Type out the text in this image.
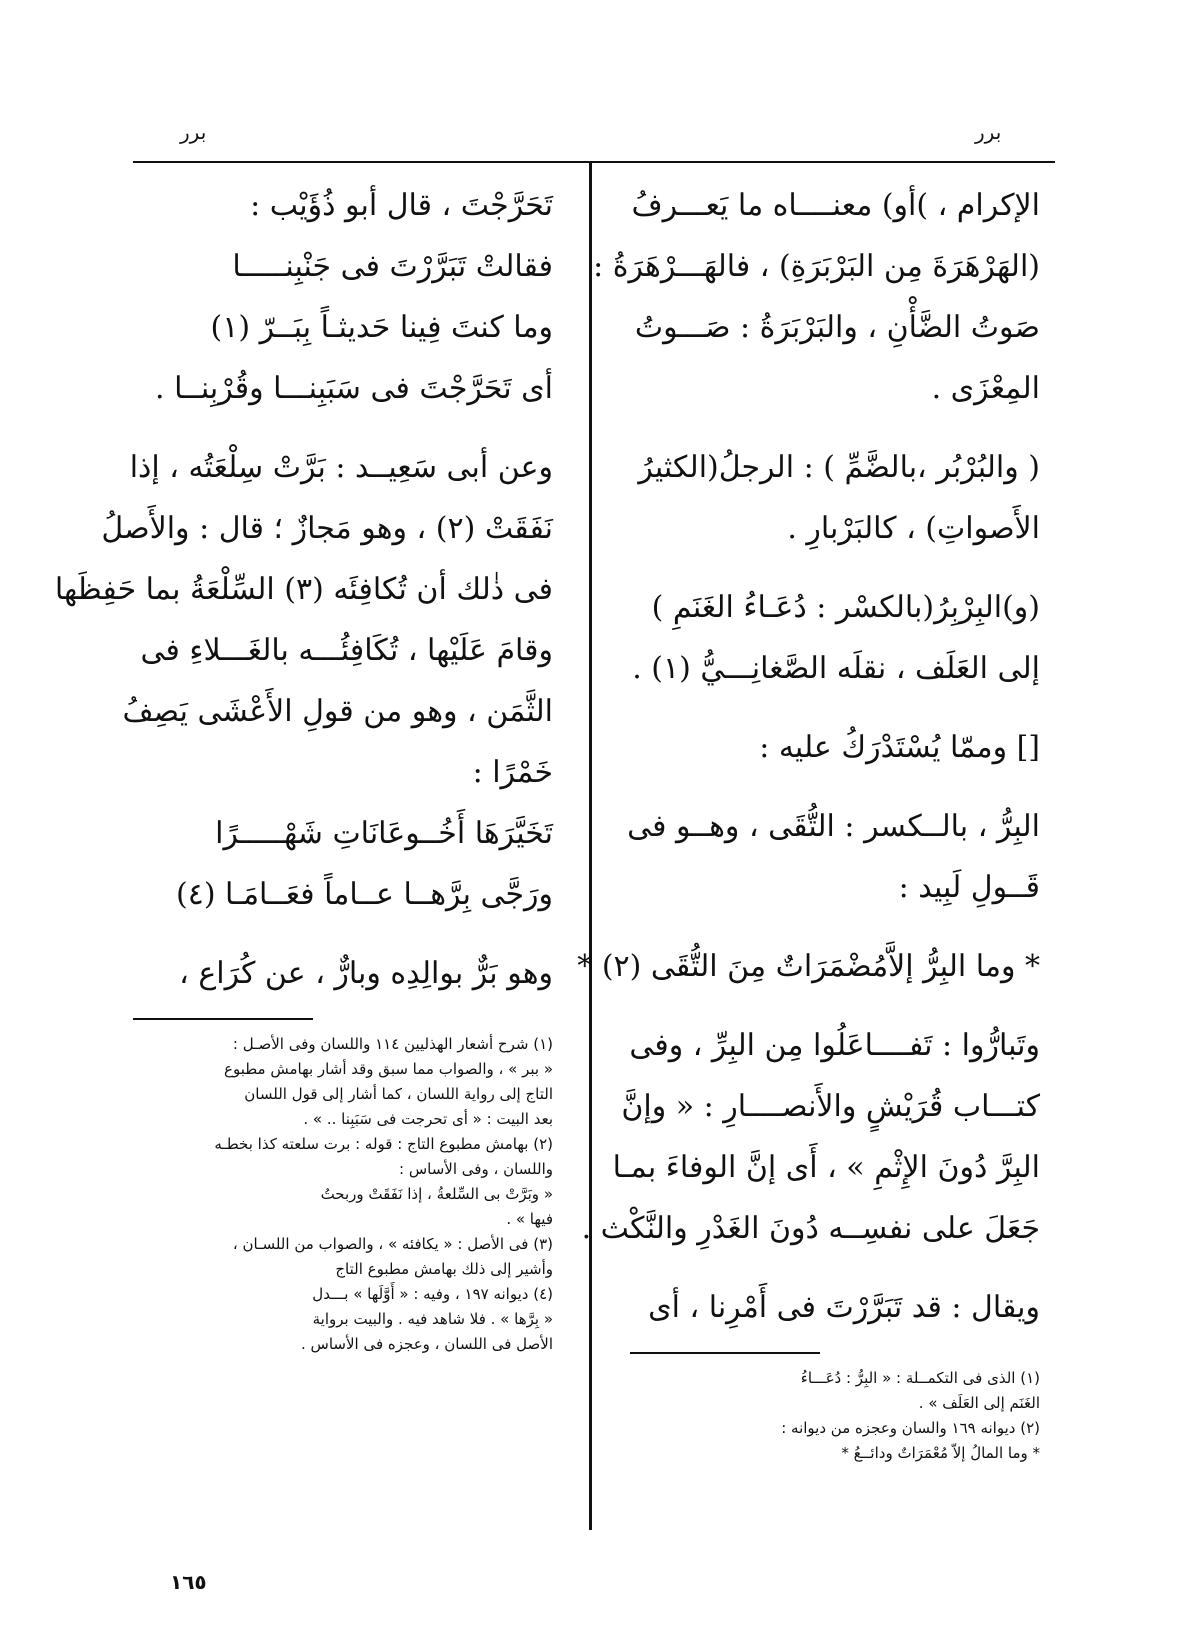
برر	برر
الإكرام ، )أو) معنــــاه ما يَعـــرفُ
(الهَرْهَرَةَ مِن البَرْبَرَةِ) ، فالهَـــرْهَرَةُ :
صَوتُ الضَّأْنِ ، والبَرْبَرَةُ : صَـــوتُ
المِعْزَى .
( والبُرْبُر ،بالضَّمِّ ) : الرجلُ(الكثيرُ
الأَصواتِ) ، كالبَرْبارِ .
(و)البِرْبِرُ(بالكسْر : دُعَـاءُ الغَنَمِ )
إلى العَلَف ، نقلَه الصَّغانِـــيُّ (١) .
[] وممّا يُسْتَدْرَكُ عليه :
البِرُّ ، بالــكسر : التُّقَى ، وهــو فى
قَــولِ لَبِيد :
* وما البِرُّ إلاَّمُضْمَرَاتٌ مِنَ التُّقَى (٢) *
وتَبارُّوا : تَفــــاعَلُوا مِن البِرِّ ، وفى
كتـــاب قُرَيْشٍ والأَنصــــارِ : « وإنَّ
البِرَّ دُونَ الإِثْمِ » ، أَى إنَّ الوفاءَ بمـا
جَعَلَ على نفسِــه دُونَ الغَدْرِ والنَّكْث .
ويقال : قد تَبَرَّرْتَ فى أَمْرِنا ، أى
(١) الذى فى التكمــلة : « البِرُّ : دُعَـــاءُ
الغَنَم إلى العَلَف » .
(٢) ديوانه ١٦٩ والسان وعجزه من ديوانه :
* وما المالُ إلاّ مُعْمَرَاتٌ ودائــعُ *
تَحَرَّجْتَ ، قال أبو ذُؤَيْب :
فقالتْ تَبَرَّرْتَ فى جَنْبِنـــــا
وما كنتَ فِينا حَديثـاً بِبَــرّ (١)
أى تَحَرَّجْتَ فى سَبَبِنـــا وقُرْبِنــا .
وعن أبى سَعِيــد : بَرَّتْ سِلْعَتُه ، إذا
نَفَقَتْ (٢) ، وهو مَجازٌ ؛ قال : والأَصلُ
فى ذٰلك أن تُكافِئَه (٣) السِّلْعَةُ بما حَفِظَها
وقامَ عَلَيْها ، تُكَافِئُـــه بالغَـــلاءِ فى
الثَّمَن ، وهو من قولِ الأَعْشَى يَصِفُ
خَمْرًا :
تَخَيَّرَهَا أَخُــوعَانَاتِ شَهْـــــرًا
ورَجَّى بِرَّهــا عــاماً فعَــامَـا (٤)
وهو بَرٌّ بوالِدِه وبارٌّ ، عن كُرَاع ،
(١) شرح أشعار الهذليين ١١٤ واللسان وفى الأصـل :
« ببر » ، والصواب مما سبق وقد أشار بهامش مطبوع
التاج إلى رواية اللسان ، كما أشار إلى قول اللسان
بعد البيت : « أى تحرجت فى سَبَبِنا .. » .
(٢) بهامش مطبوع التاج : قوله : برت سلعته كذا بخطـه
واللسان ، وفى الأساس :
« وبَرَّتْ بى السِّلعةُ ، إذا نَفَقَتْ وربحتُ
فيها » .
(٣) فى الأصل : « يكافئه » ، والصواب من اللسـان ،
وأشير إلى ذلك بهامش مطبوع التاج
(٤) ديوانه ١٩٧ ، وفيه : « أَوَّلَها » بـــدل
« بِرَّها » . فلا شاهد فيه . والبيت برواية
الأصل فى اللسان ، وعجزه فى الأساس .
١٦٥
